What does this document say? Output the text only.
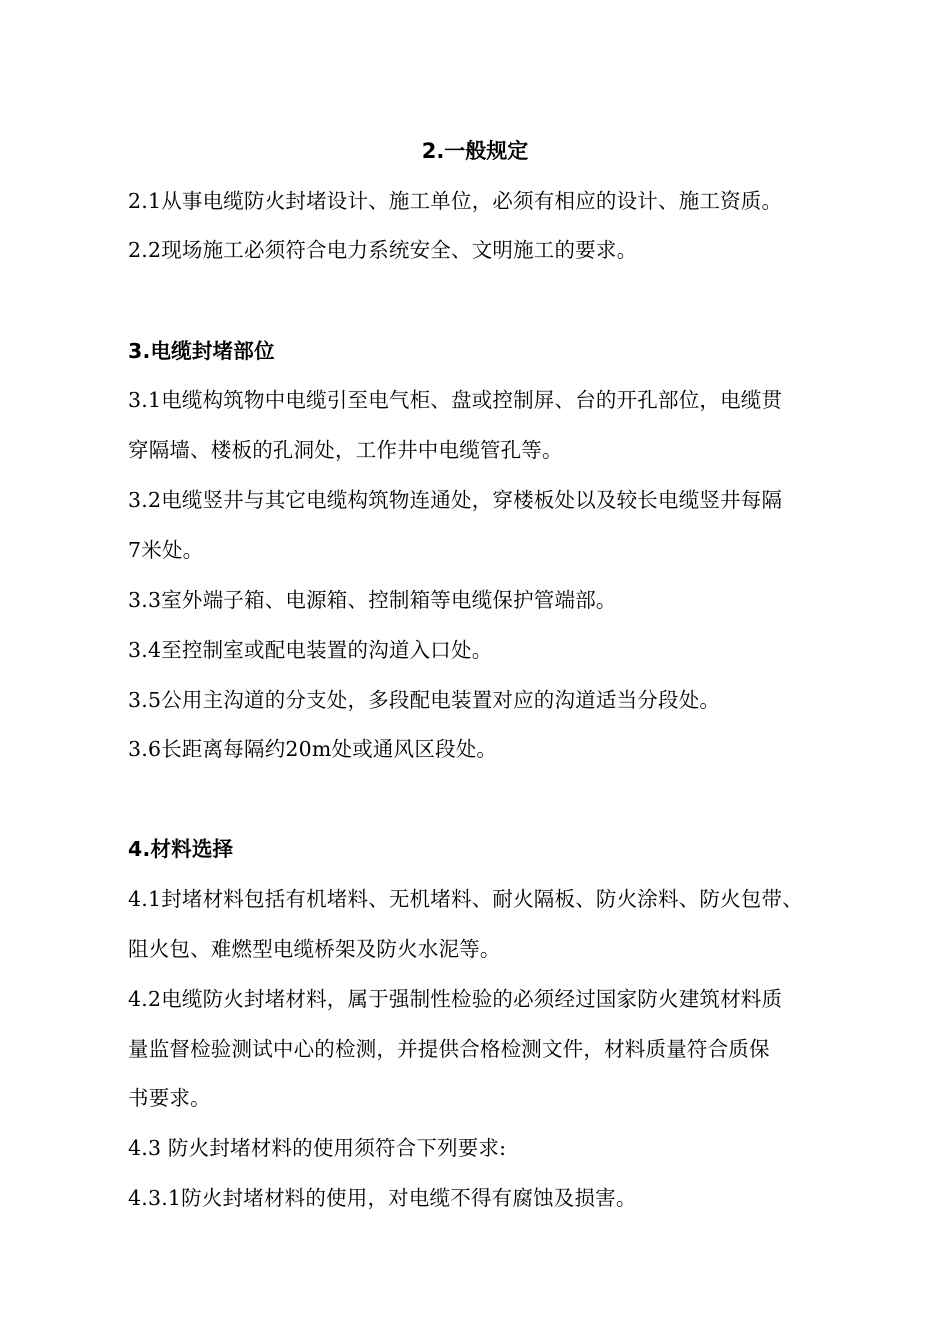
2.一般规定
2.1从事电缆防火封堵设计、施工单位，必须有相应的设计、施工资质。
2.2现场施工必须符合电力系统安全、文明施工的要求。
3.电缆封堵部位
3.1电缆构筑物中电缆引至电气柜、盘或控制屏、台的开孔部位，电缆贯
穿隔墙、楼板的孔洞处，工作井中电缆管孔等。
3.2电缆竖井与其它电缆构筑物连通处，穿楼板处以及较长电缆竖井每隔
7米处。
3.3室外端子箱、电源箱、控制箱等电缆保护管端部。
3.4至控制室或配电装置的沟道入口处。
3.5公用主沟道的分支处，多段配电装置对应的沟道适当分段处。
3.6长距离每隔约20m处或通风区段处。
4.材料选择
4.1封堵材料包括有机堵料、无机堵料、耐火隔板、防火涂料、防火包带、
阻火包、难燃型电缆桥架及防火水泥等。
4.2电缆防火封堵材料，属于强制性检验的必须经过国家防火建筑材料质
量监督检验测试中心的检测，并提供合格检测文件，材料质量符合质保
书要求。
4.3 防火封堵材料的使用须符合下列要求:
4.3.1防火封堵材料的使用，对电缆不得有腐蚀及损害。
